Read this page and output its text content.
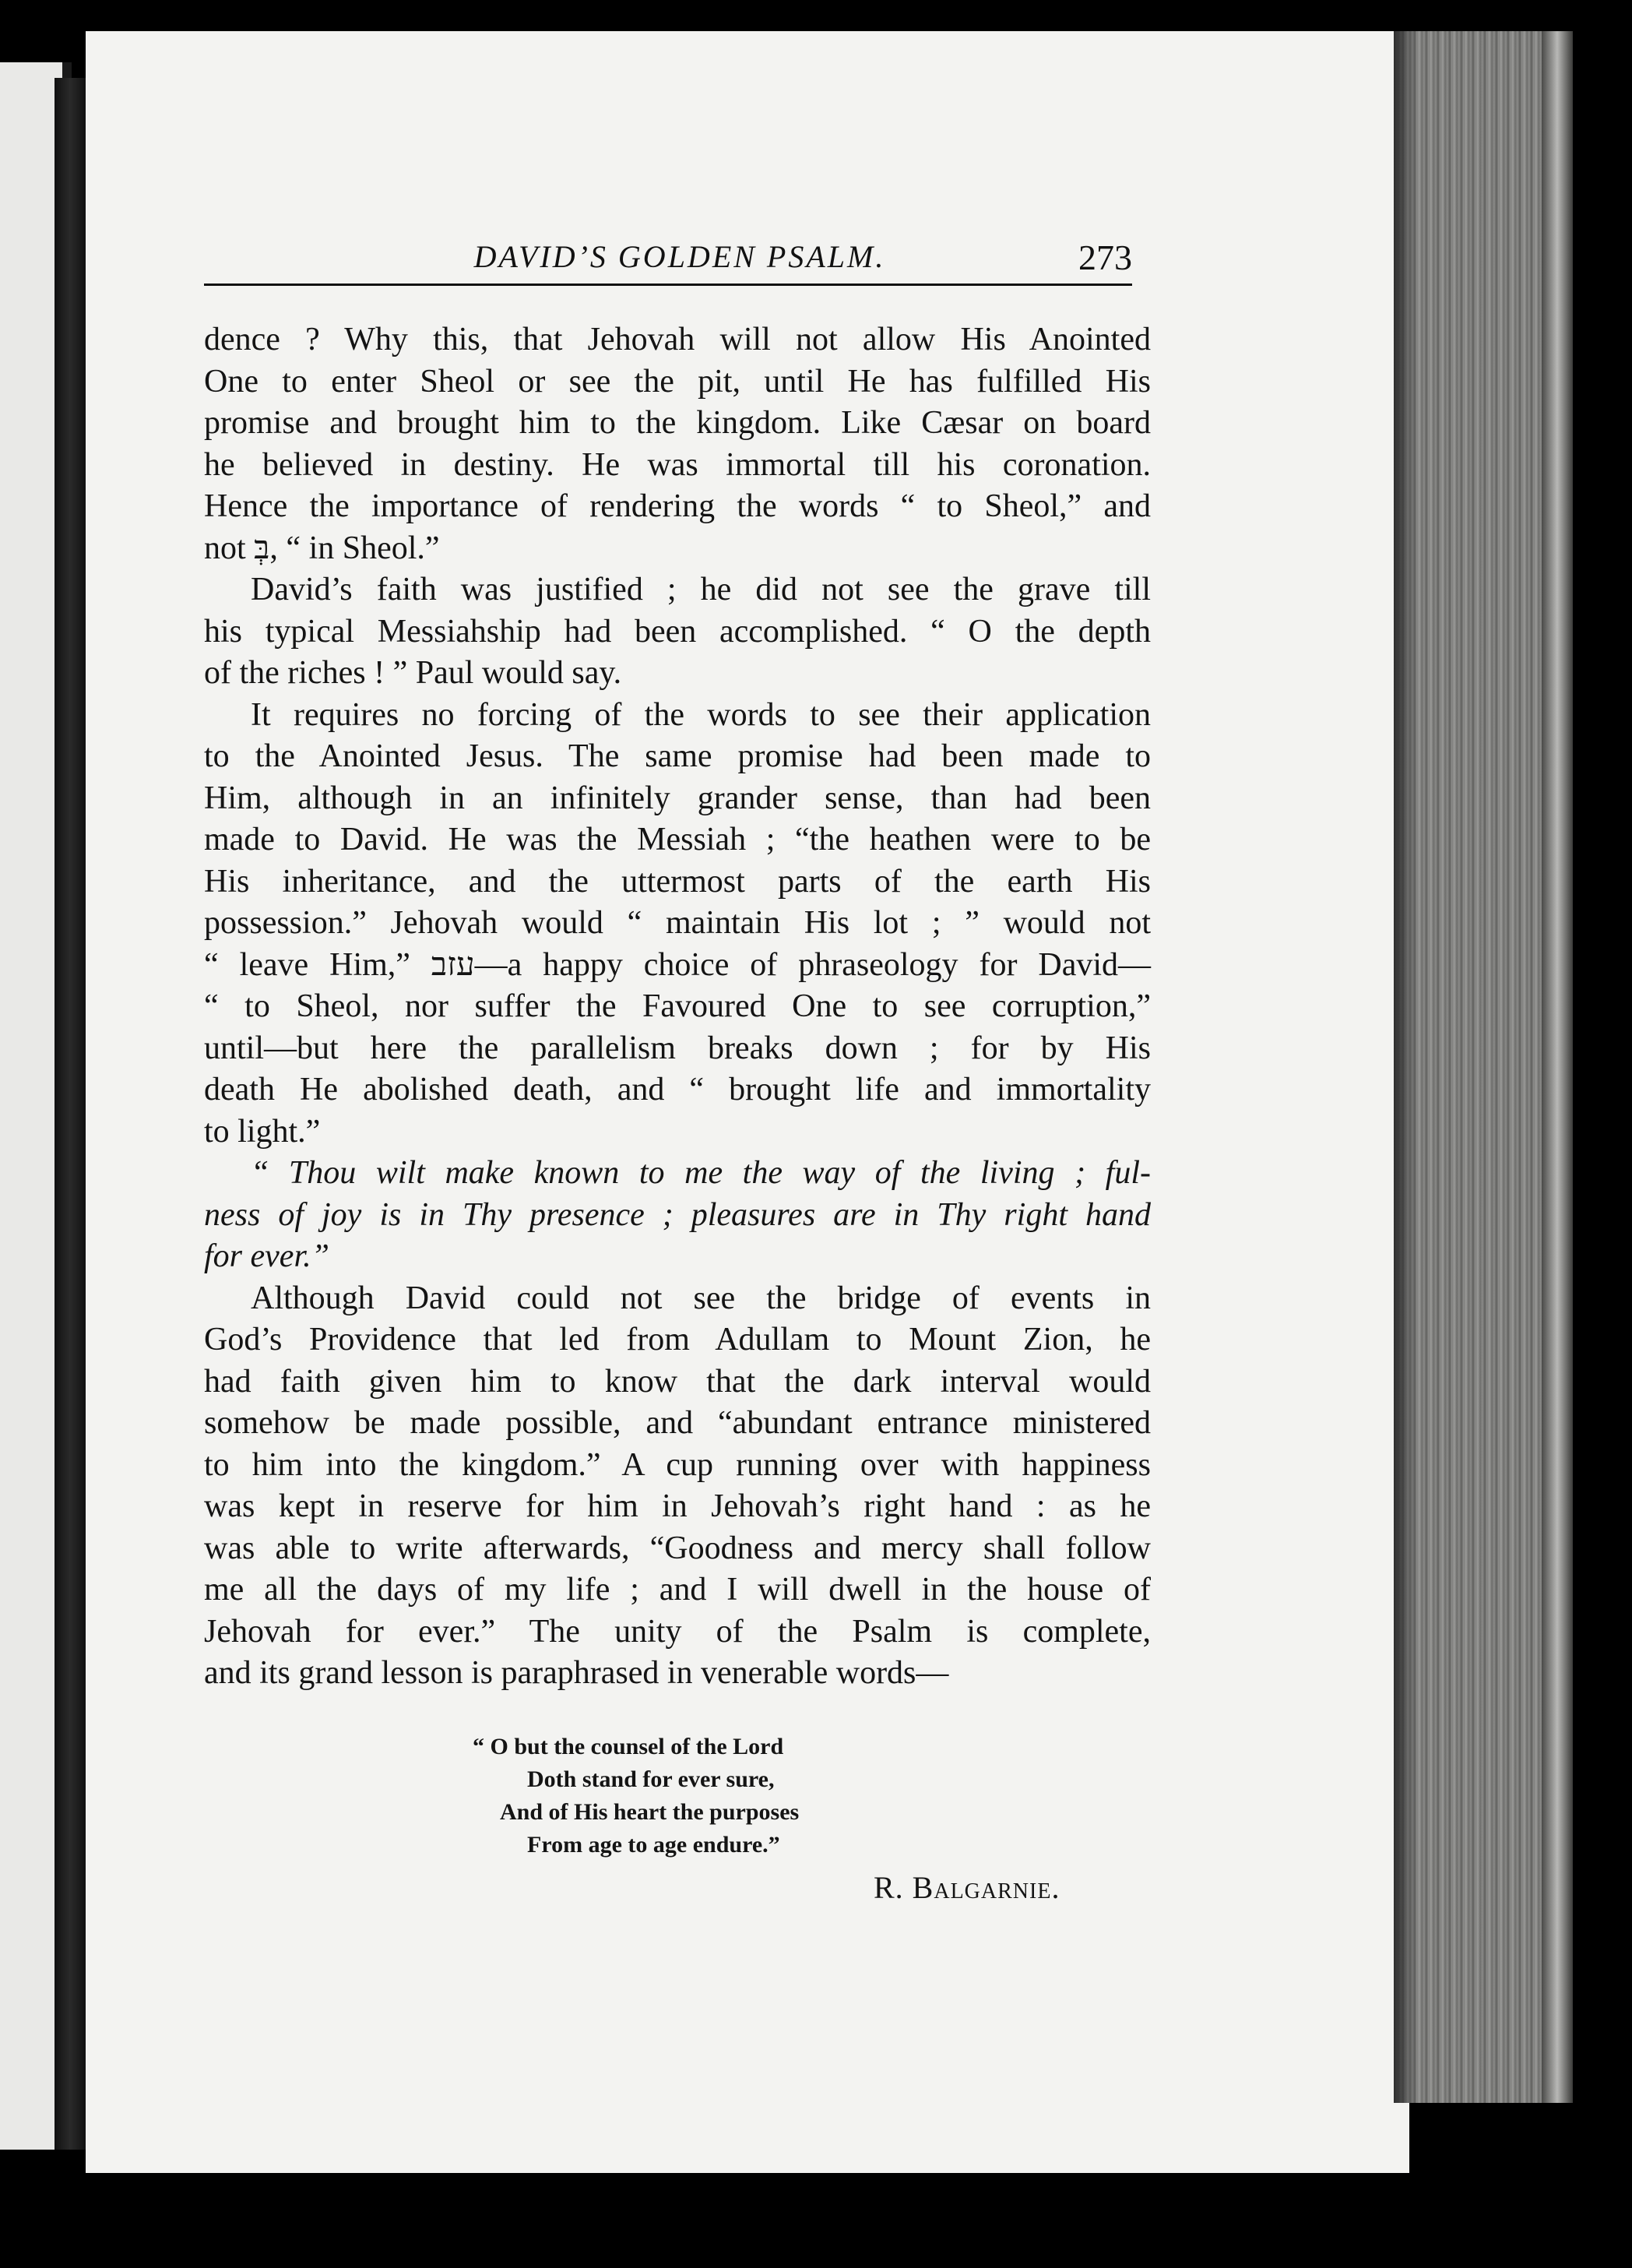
DAVID’S GOLDEN PSALM.	273

dence ? Why this, that Jehovah will not allow His Anointed

One to enter Sheol or see the pit, until He has fulfilled His

promise and brought him to the kingdom. Like Cæsar on board

he believed in destiny. He was immortal till his coronation.

Hence the importance of rendering the words “ to Sheol,” and

not בְּ, “ in Sheol.”

David’s faith was justified ; he did not see the grave till

his typical Messiahship had been accomplished. “ O the depth

of the riches ! ” Paul would say.

It requires no forcing of the words to see their application

to the Anointed Jesus. The same promise had been made to

Him, although in an infinitely grander sense, than had been

made to David. He was the Messiah ; “the heathen were to be

His inheritance, and the uttermost parts of the earth His

possession.” Jehovah would “ maintain His lot ; ” would not

“ leave Him,” עזב—a happy choice of phraseology for David—

“ to Sheol, nor suffer the Favoured One to see corruption,”

until—but here the parallelism breaks down ; for by His

death He abolished death, and “ brought life and immortality

to light.”

“ Thou wilt make known to me the way of the living ; ful-

ness of joy is in Thy presence ; pleasures are in Thy right hand

for ever.”

Although David could not see the bridge of events in

God’s Providence that led from Adullam to Mount Zion, he

had faith given him to know that the dark interval would

somehow be made possible, and “abundant entrance ministered

to him into the kingdom.” A cup running over with happiness

was kept in reserve for him in Jehovah’s right hand : as he

was able to write afterwards, “Goodness and mercy shall follow

me all the days of my life ; and I will dwell in the house of

Jehovah for ever.” The unity of the Psalm is complete,

and its grand lesson is paraphrased in venerable words—

“ O but the counsel of the Lord
Doth stand for ever sure,
And of His heart the purposes
From age to age endure.”
R. Balgarnie.
